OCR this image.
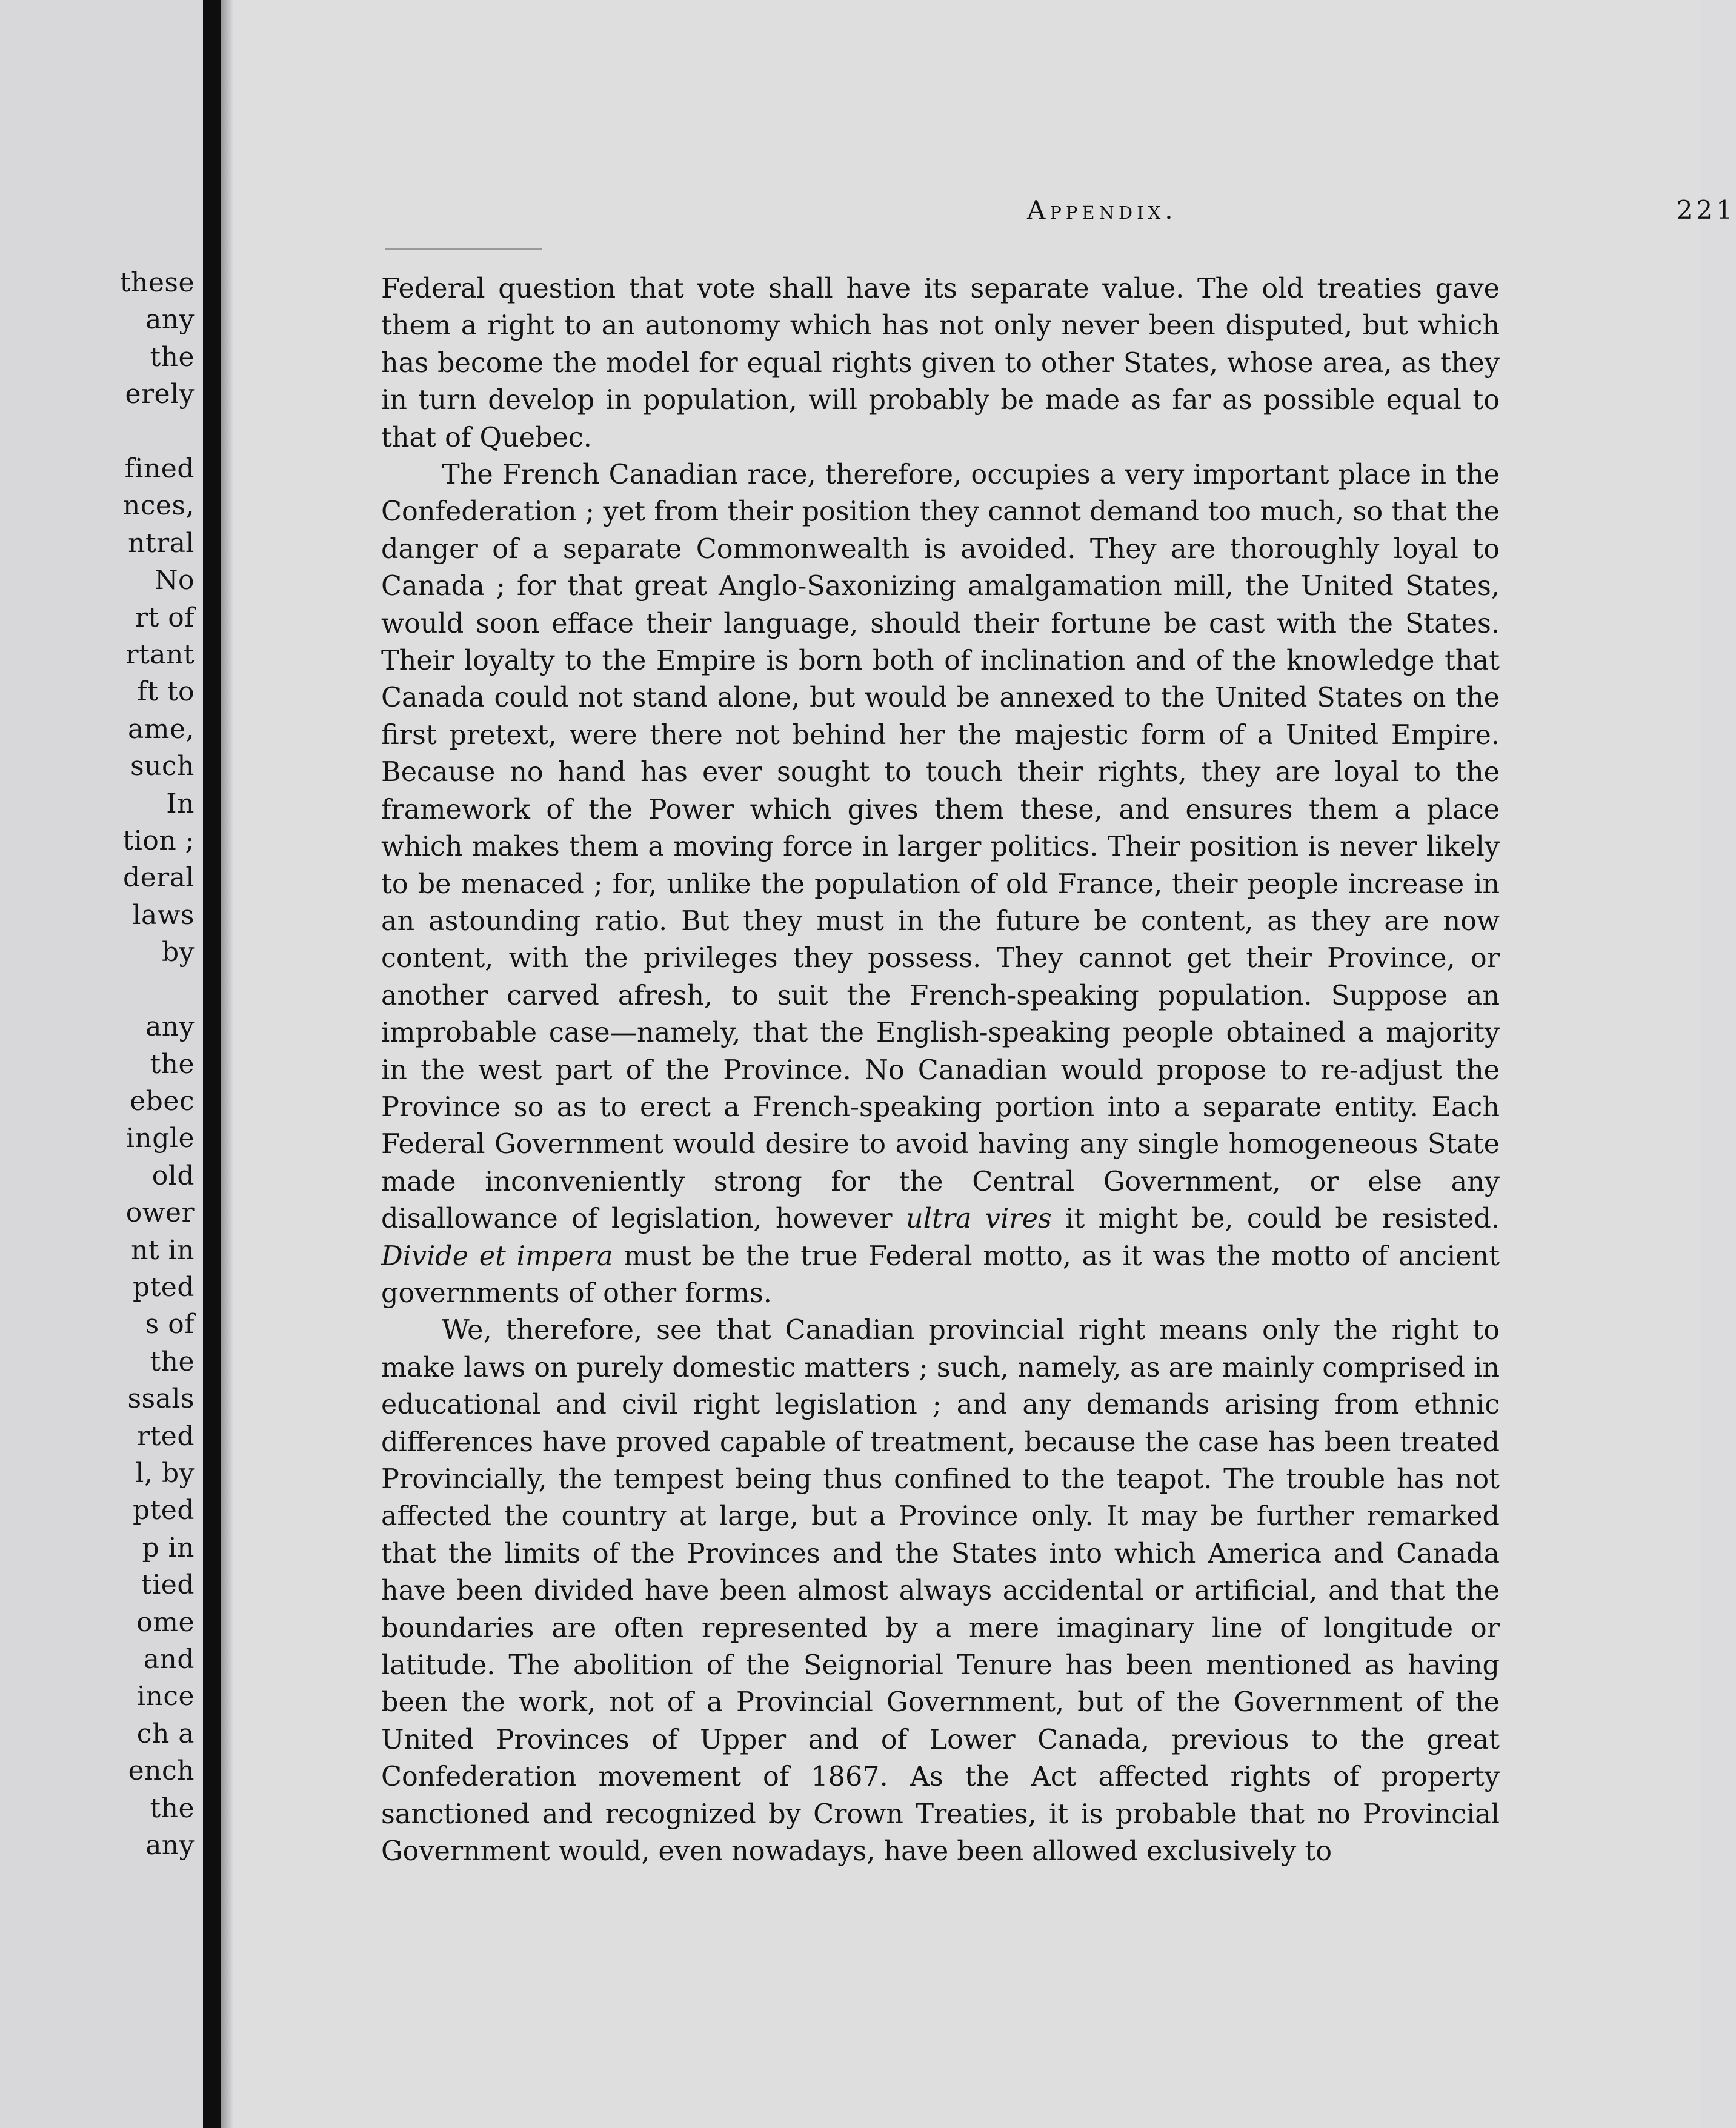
these
any
the
erely
fined
nces,
ntral
No
rt of
rtant
ft to
ame,
such
In
tion ;
deral
laws
by
any
the
ebec
ingle
old
ower
nt in
pted
s of
the
ssals
rted
l, by
pted
p in
tied
ome
and
ince
ch a
ench
the
any
Appendix.	221

Federal question that vote shall have its separate value. The old treaties gave them a right to an autonomy which has not only never been disputed, but which has become the model for equal rights given to other States, whose area, as they in turn develop in population, will probably be made as far as possible equal to that of Quebec.

The French Canadian race, therefore, occupies a very important place in the Confederation ; yet from their position they cannot demand too much, so that the danger of a separate Commonwealth is avoided. They are thoroughly loyal to Canada ; for that great Anglo-Saxonizing amalgamation mill, the United States, would soon efface their language, should their fortune be cast with the States. Their loyalty to the Empire is born both of inclination and of the knowledge that Canada could not stand alone, but would be annexed to the United States on the first pretext, were there not behind her the majestic form of a United Empire. Because no hand has ever sought to touch their rights, they are loyal to the framework of the Power which gives them these, and ensures them a place which makes them a moving force in larger politics. Their position is never likely to be menaced ; for, unlike the population of old France, their people increase in an astounding ratio. But they must in the future be content, as they are now content, with the privileges they possess. They cannot get their Province, or another carved afresh, to suit the French-speaking population. Suppose an improbable case—namely, that the English-speaking people obtained a majority in the west part of the Province. No Canadian would propose to re-adjust the Province so as to erect a French-speaking portion into a separate entity. Each Federal Government would desire to avoid having any single homogeneous State made inconveniently strong for the Central Government, or else any disallowance of legislation, however ultra vires it might be, could be resisted. Divide et impera must be the true Federal motto, as it was the motto of ancient governments of other forms.

We, therefore, see that Canadian provincial right means only the right to make laws on purely domestic matters ; such, namely, as are mainly comprised in educational and civil right legislation ; and any demands arising from ethnic differences have proved capable of treatment, because the case has been treated Provincially, the tempest being thus confined to the teapot. The trouble has not affected the country at large, but a Province only. It may be further remarked that the limits of the Provinces and the States into which America and Canada have been divided have been almost always accidental or artificial, and that the boundaries are often represented by a mere imaginary line of longitude or latitude. The abolition of the Seignorial Tenure has been mentioned as having been the work, not of a Provincial Government, but of the Government of the United Provinces of Upper and of Lower Canada, previous to the great Confederation movement of 1867. As the Act affected rights of property sanctioned and recognized by Crown Treaties, it is probable that no Provincial Government would, even nowadays, have been allowed exclusively to
